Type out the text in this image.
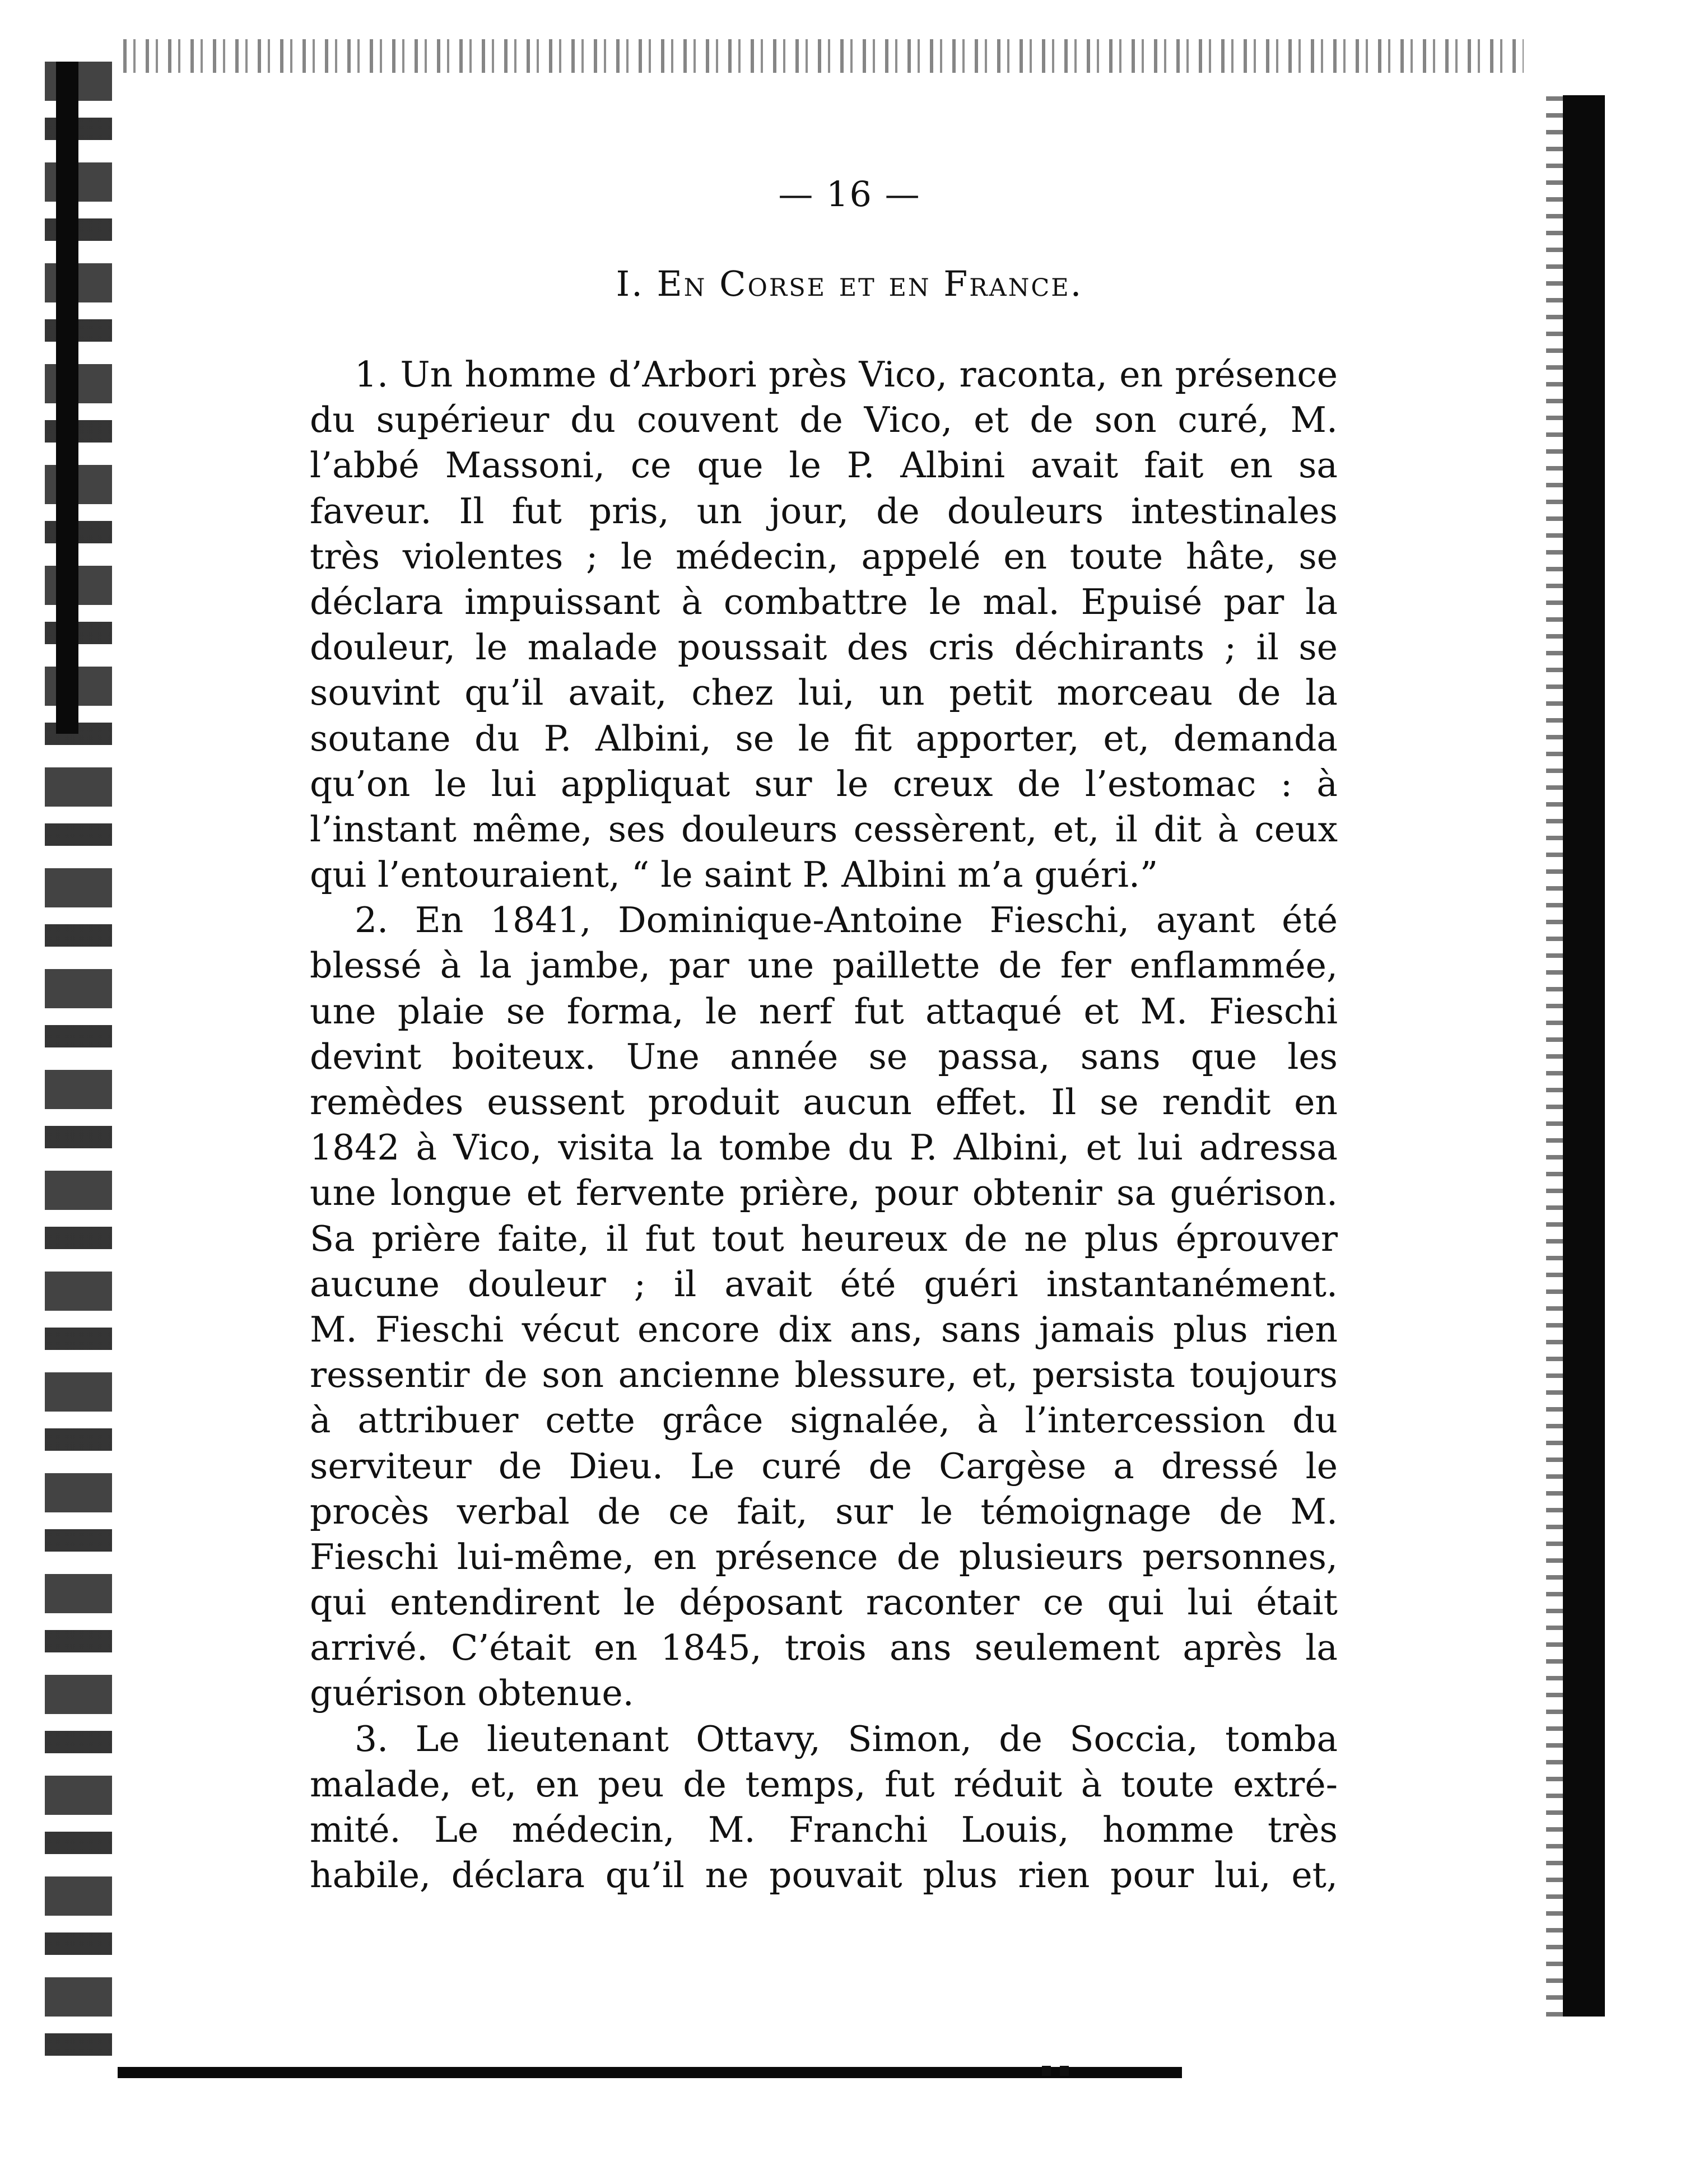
— 16 —
I. En Corse et en France.
1. Un homme d’Arbori près Vico, raconta, en présence
du supérieur du couvent de Vico, et de son curé, M.
l’abbé Massoni, ce que le P. Albini avait fait en sa
faveur. Il fut pris, un jour, de douleurs intestinales
très violentes ; le médecin, appelé en toute hâte, se
déclara impuissant à combattre le mal. Epuisé par la
douleur, le malade poussait des cris déchirants ; il se
souvint qu’il avait, chez lui, un petit morceau de la
soutane du P. Albini, se le fit apporter, et, demanda
qu’on le lui appliquat sur le creux de l’estomac : à
l’instant même, ses douleurs cessèrent, et, il dit à ceux
qui l’entouraient, “ le saint P. Albini m’a guéri.”
2. En 1841, Dominique-Antoine Fieschi, ayant été
blessé à la jambe, par une paillette de fer enflammée,
une plaie se forma, le nerf fut attaqué et M. Fieschi
devint boiteux. Une année se passa, sans que les
remèdes eussent produit aucun effet. Il se rendit en
1842 à Vico, visita la tombe du P. Albini, et lui adressa
une longue et fervente prière, pour obtenir sa guérison.
Sa prière faite, il fut tout heureux de ne plus éprouver
aucune douleur ; il avait été guéri instantanément.
M. Fieschi vécut encore dix ans, sans jamais plus rien
ressentir de son ancienne blessure, et, persista toujours
à attribuer cette grâce signalée, à l’intercession du
serviteur de Dieu. Le curé de Cargèse a dressé le
procès verbal de ce fait, sur le témoignage de M.
Fieschi lui-même, en présence de plusieurs personnes,
qui entendirent le déposant raconter ce qui lui était
arrivé. C’était en 1845, trois ans seulement après la
guérison obtenue.
3. Le lieutenant Ottavy, Simon, de Soccia, tomba
malade, et, en peu de temps, fut réduit à toute extré-
mité. Le médecin, M. Franchi Louis, homme très
habile, déclara qu’il ne pouvait plus rien pour lui, et,
